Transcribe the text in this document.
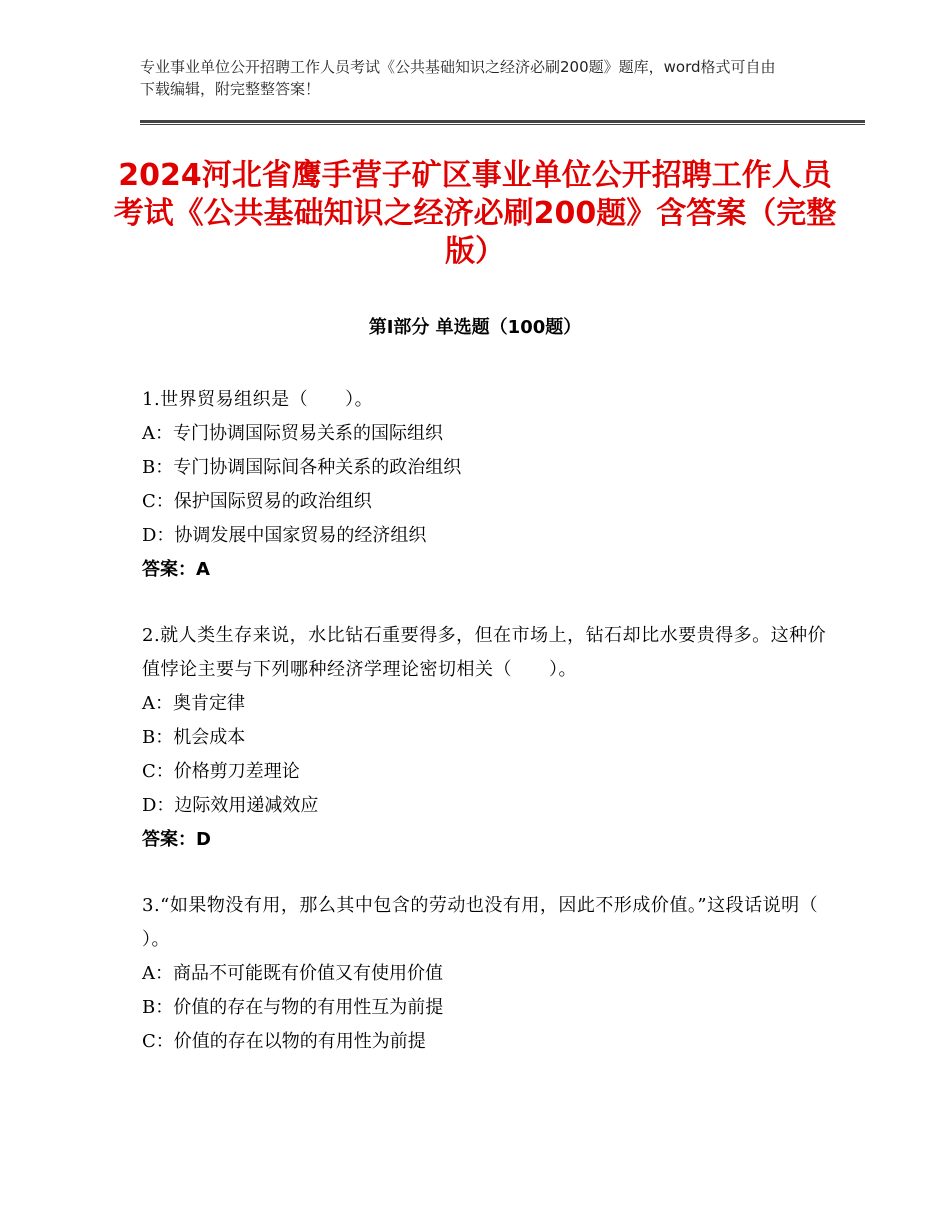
专业事业单位公开招聘工作人员考试《公共基础知识之经济必刷200题》题库，word格式可自由下载编辑，附完整整答案！
2024河北省鹰手营子矿区事业单位公开招聘工作人员考试《公共基础知识之经济必刷200题》含答案（完整版）
第Ⅰ部分 单选题（100题）
1.世界贸易组织是（　　）。
A：专门协调国际贸易关系的国际组织
B：专门协调国际间各种关系的政治组织
C：保护国际贸易的政治组织
D：协调发展中国家贸易的经济组织
答案：A
2.就人类生存来说，水比钻石重要得多，但在市场上，钻石却比水要贵得多。这种价值悖论主要与下列哪种经济学理论密切相关（　　）。
A：奥肯定律
B：机会成本
C：价格剪刀差理论
D：边际效用递减效应
答案：D
3.“如果物没有用，那么其中包含的劳动也没有用，因此不形成价值。”这段话说明（ ）。
A：商品不可能既有价值又有使用价值
B：价值的存在与物的有用性互为前提
C：价值的存在以物的有用性为前提
